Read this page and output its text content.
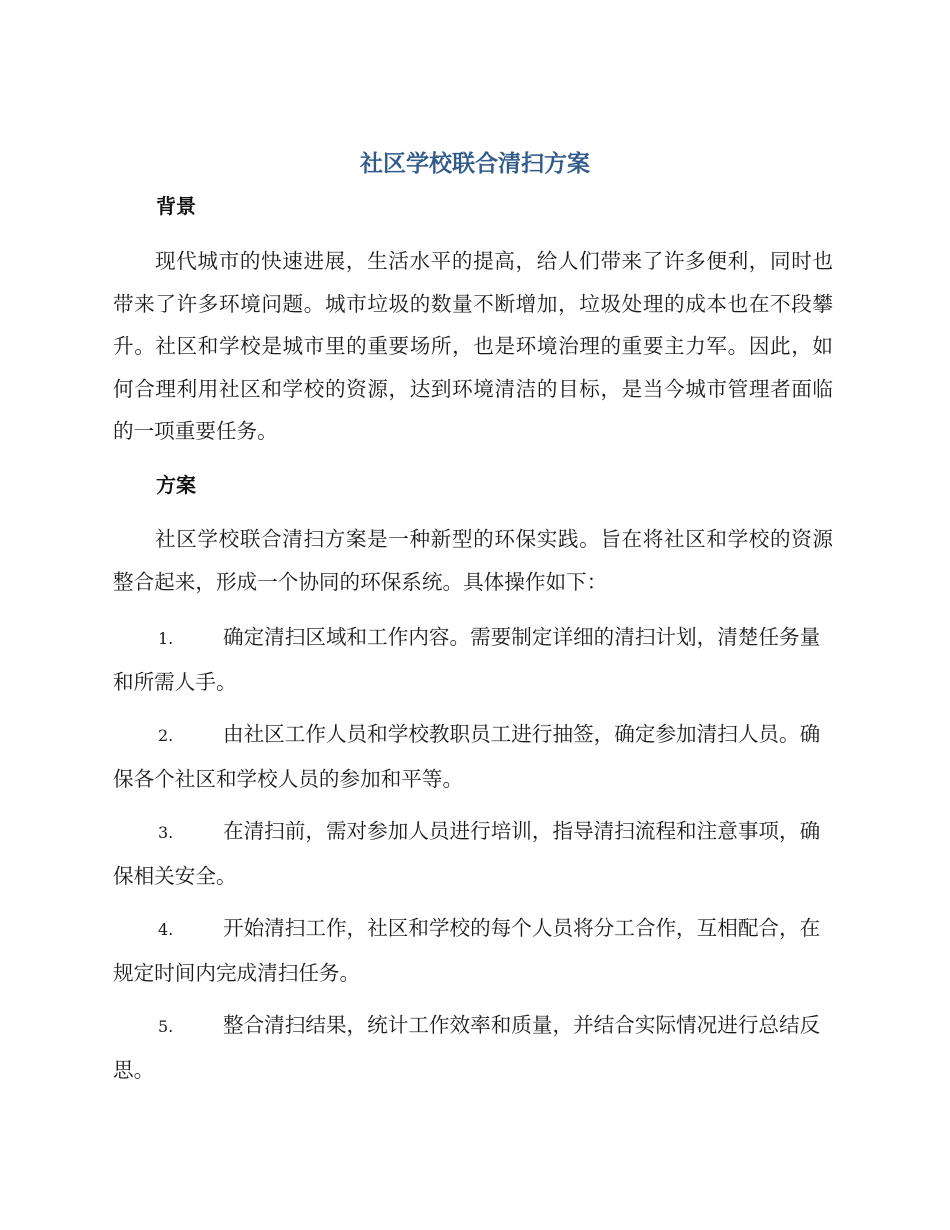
社区学校联合清扫方案
背景
现代城市的快速进展，生活水平的提高，给人们带来了许多便利，同时也带来了许多环境问题。城市垃圾的数量不断增加，垃圾处理的成本也在不段攀升。社区和学校是城市里的重要场所，也是环境治理的重要主力军。因此，如何合理利用社区和学校的资源，达到环境清洁的目标，是当今城市管理者面临的一项重要任务。
方案
社区学校联合清扫方案是一种新型的环保实践。旨在将社区和学校的资源整合起来，形成一个协同的环保系统。具体操作如下：
1. 确定清扫区域和工作内容。需要制定详细的清扫计划，清楚任务量和所需人手。
2. 由社区工作人员和学校教职员工进行抽签，确定参加清扫人员。确保各个社区和学校人员的参加和平等。
3. 在清扫前，需对参加人员进行培训，指导清扫流程和注意事项，确保相关安全。
4. 开始清扫工作，社区和学校的每个人员将分工合作，互相配合，在规定时间内完成清扫任务。
5. 整合清扫结果，统计工作效率和质量，并结合实际情况进行总结反思。
